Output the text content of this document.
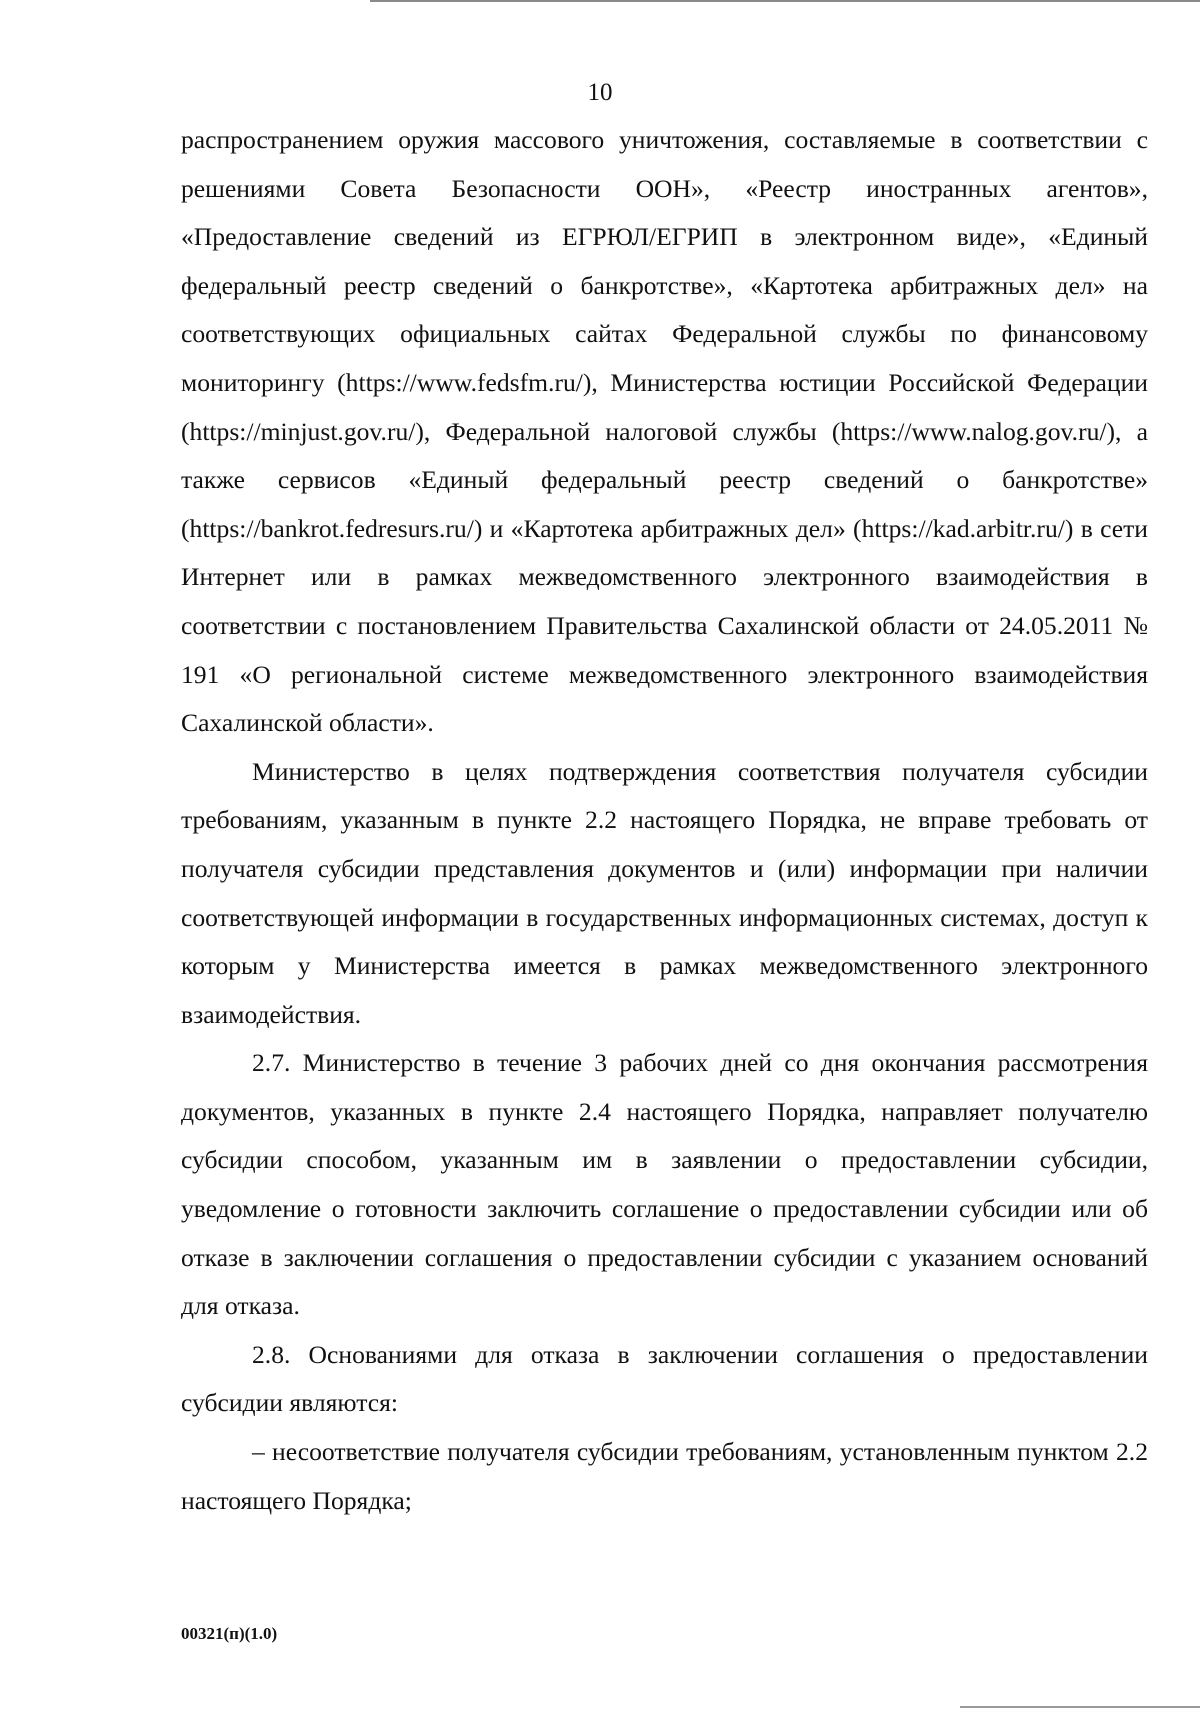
10

распространением оружия массового уничтожения, составляемые в соответствии с решениями Совета Безопасности ООН», «Реестр иностранных агентов», «Предоставление сведений из ЕГРЮЛ/ЕГРИП в электронном виде», «Единый федеральный реестр сведений о банкротстве», «Картотека арбитражных дел» на соответствующих официальных сайтах Федеральной службы по финансовому мониторингу (https://www.fedsfm.ru/), Министерства юстиции Российской Федерации (https://minjust.gov.ru/), Федеральной налоговой службы (https://www.nalog.gov.ru/), а также сервисов «Единый федеральный реестр сведений о банкротстве» (https://bankrot.fedresurs.ru/) и «Картотека арбитражных дел» (https://kad.arbitr.ru/) в сети Интернет или в рамках межведомственного электронного взаимодействия в соответствии с постановлением Правительства Сахалинской области от 24.05.2011 № 191 «О региональной системе межведомственного электронного взаимодействия Сахалинской области».

Министерство в целях подтверждения соответствия получателя субсидии требованиям, указанным в пункте 2.2 настоящего Порядка, не вправе требовать от получателя субсидии представления документов и (или) информации при наличии соответствующей информации в государственных информационных системах, доступ к которым у Министерства имеется в рамках межведомственного электронного взаимодействия.

2.7. Министерство в течение 3 рабочих дней со дня окончания рассмотрения документов, указанных в пункте 2.4 настоящего Порядка, направляет получателю субсидии способом, указанным им в заявлении о предоставлении субсидии, уведомление о готовности заключить соглашение о предоставлении субсидии или об отказе в заключении соглашения о предоставлении субсидии с указанием оснований для отказа.

2.8. Основаниями для отказа в заключении соглашения о предоставлении субсидии являются:

– несоответствие получателя субсидии требованиям, установленным пунктом 2.2 настоящего Порядка;

00321(п)(1.0)
